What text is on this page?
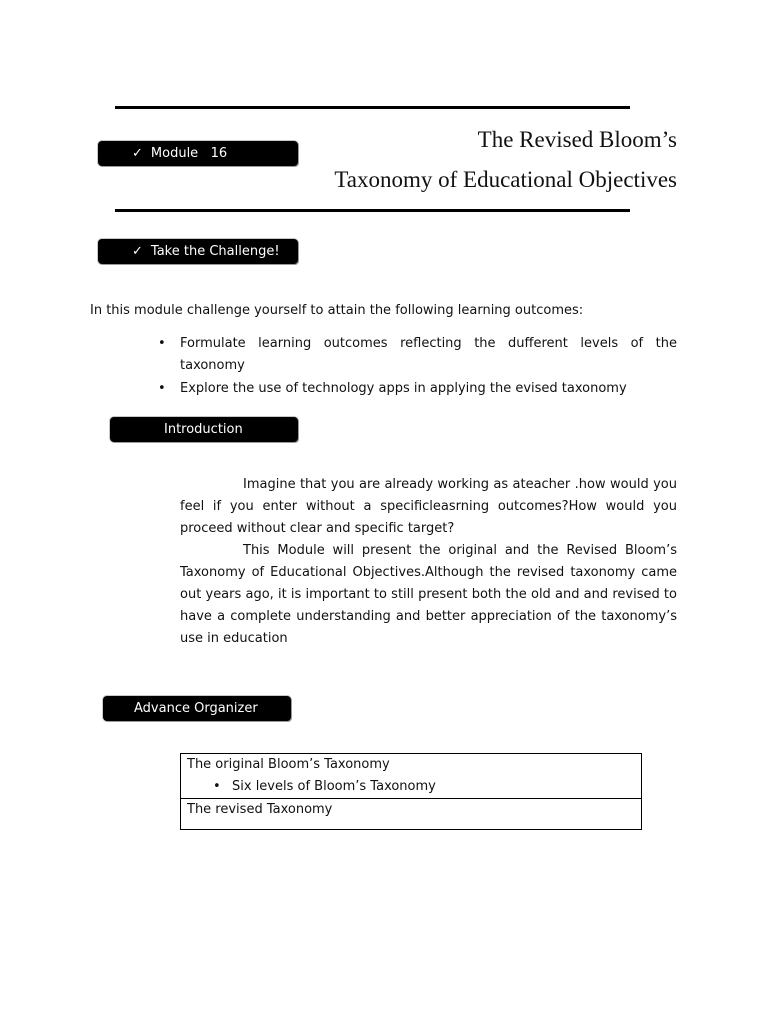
✓ Module   16
The Revised Bloom’s
Taxonomy of Educational Objectives
✓ Take the Challenge!
In this module challenge yourself to attain the following learning outcomes:
• Formulate learning outcomes reflecting the dufferent levels of the taxonomy
• Explore the use of technology apps in applying the evised taxonomy
Introduction
Imagine that you are already working as ateacher .how would you feel if you enter without a specificleasrning outcomes?How would you proceed without clear and specific target?
This Module will present the original and the Revised Bloom’s Taxonomy of Educational Objectives.Although the revised taxonomy came out years ago, it is important to still present both the old and and revised to have a complete understanding and better appreciation of the taxonomy’s use in education
Advance Organizer
The original Bloom’s Taxonomy
• Six levels of Bloom’s Taxonomy

The revised Taxonomy
